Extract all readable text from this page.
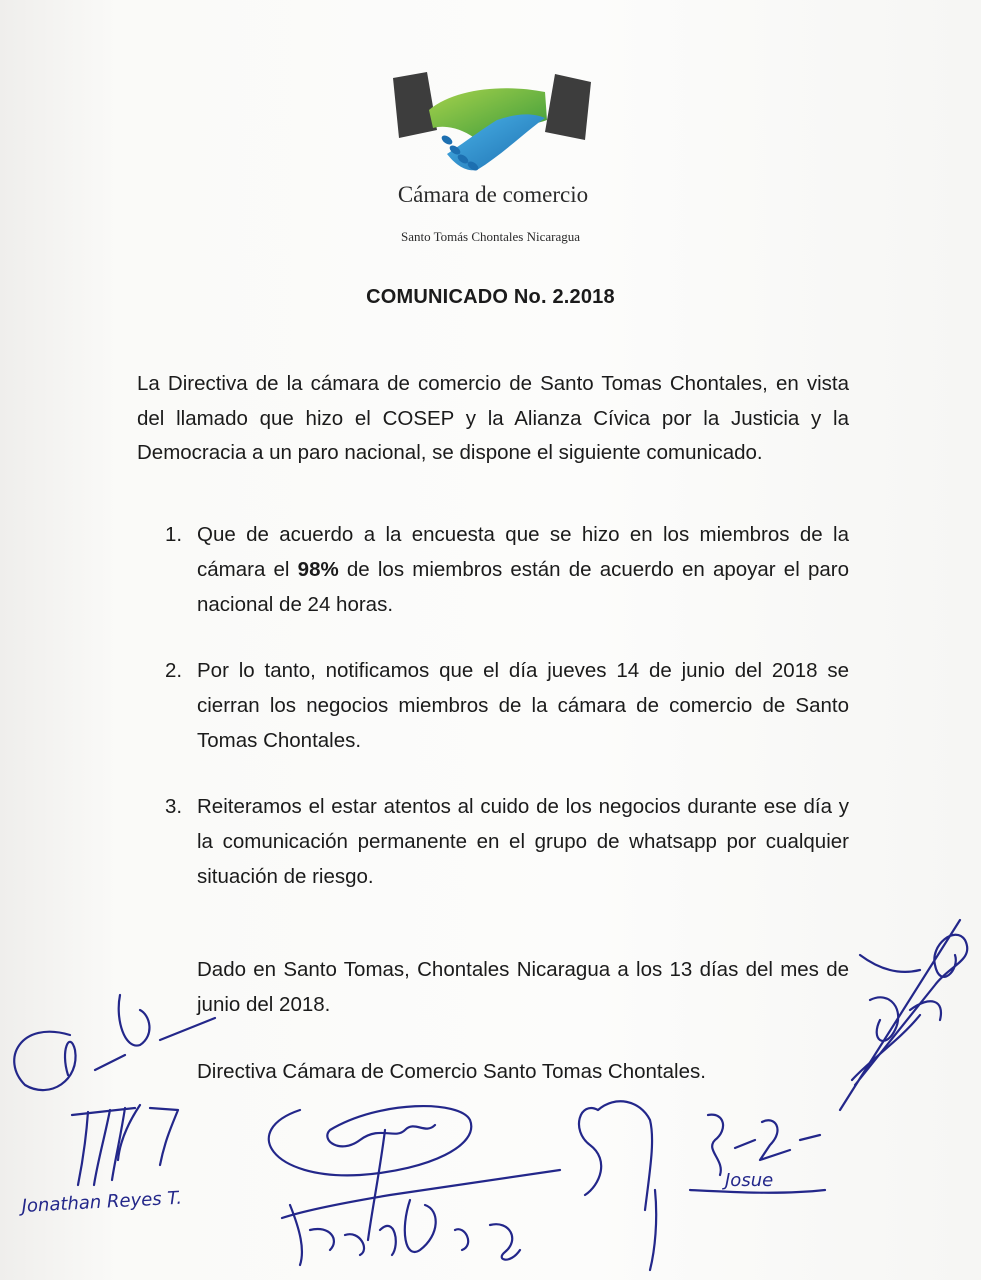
Cámara de comercio
Santo Tomás Chontales Nicaragua
COMUNICADO No. 2.2018
La Directiva de la cámara de comercio de Santo Tomas Chontales, en vista del llamado que hizo el COSEP y la Alianza Cívica por la Justicia y la Democracia a un paro nacional, se dispone el siguiente comunicado.
1. Que de acuerdo a la encuesta que se hizo en los miembros de la cámara el 98% de los miembros están de acuerdo en apoyar el paro nacional de 24 horas.
2. Por lo tanto, notificamos que el día jueves 14 de junio del 2018 se cierran los negocios miembros de la cámara de comercio de Santo Tomas Chontales.
3. Reiteramos el estar atentos al cuido de los negocios durante ese día y la comunicación permanente en el grupo de whatsapp por cualquier situación de riesgo.
Dado en Santo Tomas, Chontales Nicaragua a los 13 días del mes de junio del 2018.
Directiva Cámara de Comercio Santo Tomas Chontales.
Jonathan Reyes T.
Josue
